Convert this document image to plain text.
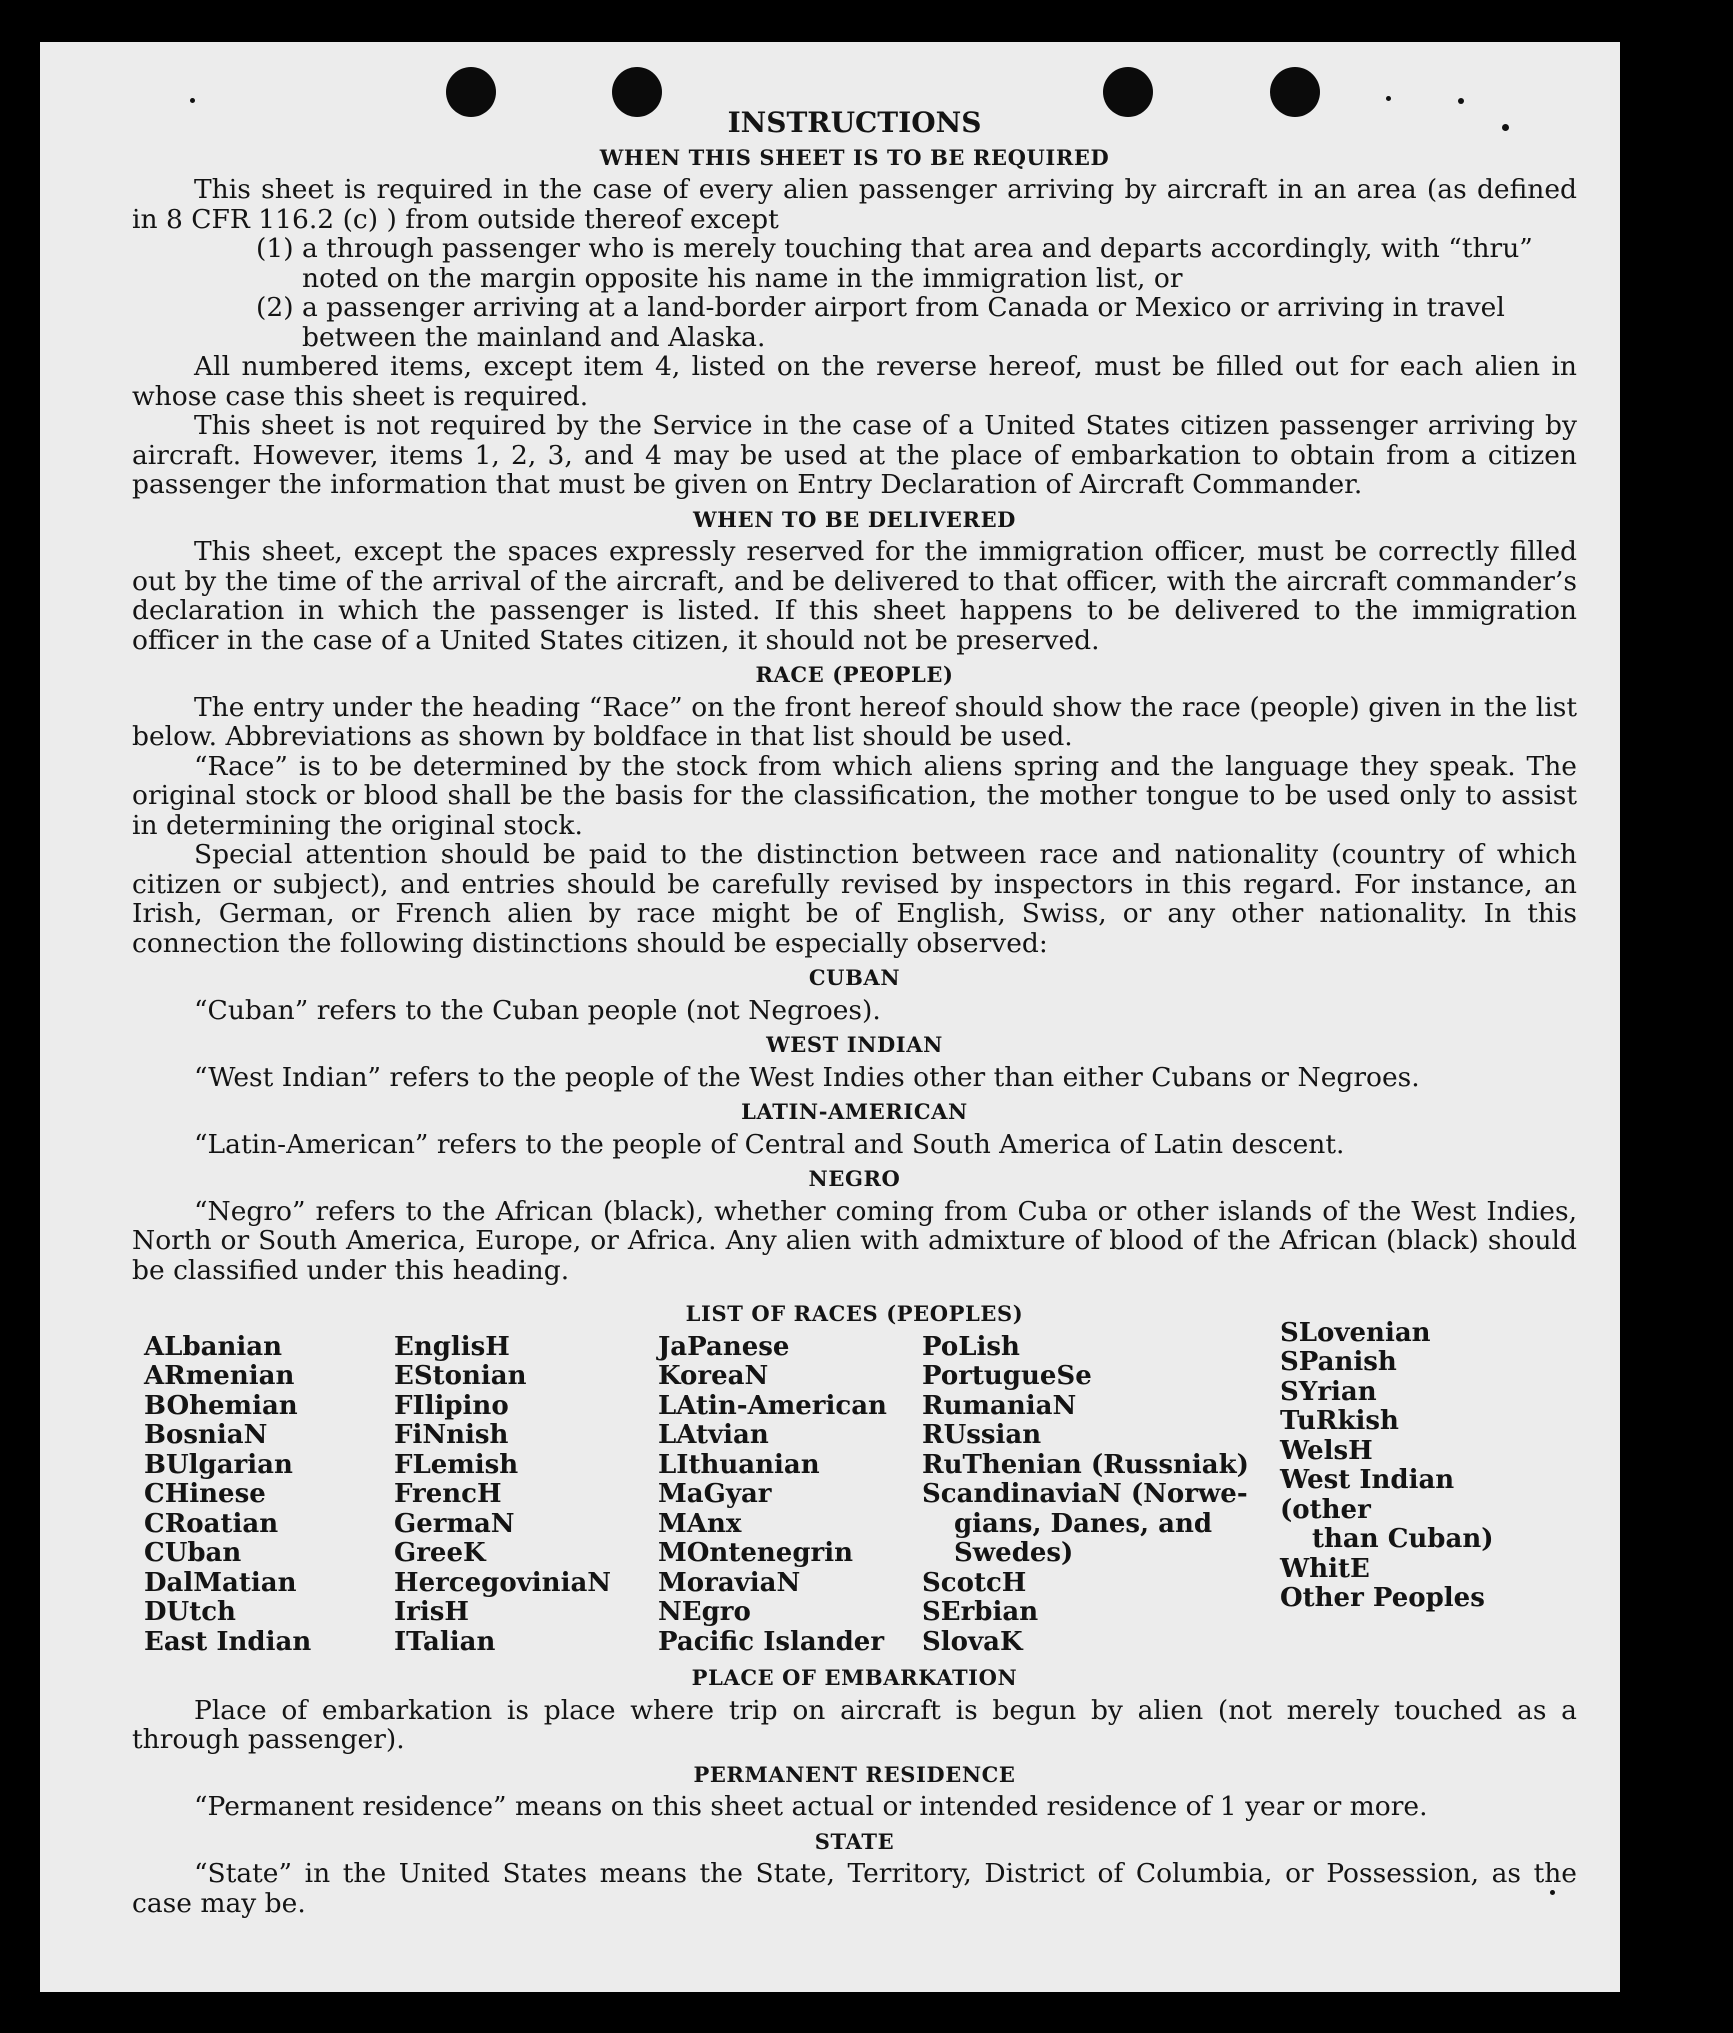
INSTRUCTIONS
WHEN THIS SHEET IS TO BE REQUIRED

This sheet is required in the case of every alien passenger arriving by aircraft in an area (as defined in 8 CFR 116.2 (c) ) from outside thereof except

(1) a through passenger who is merely touching that area and departs accordingly, with “thru” noted on the margin opposite his name in the immigration list, or

(2) a passenger arriving at a land-border airport from Canada or Mexico or arriving in travel between the mainland and Alaska.

All numbered items, except item 4, listed on the reverse hereof, must be filled out for each alien in whose case this sheet is required.

This sheet is not required by the Service in the case of a United States citizen passenger arriving by aircraft. However, items 1, 2, 3, and 4 may be used at the place of embarkation to obtain from a citizen passenger the information that must be given on Entry Declaration of Aircraft Commander.

WHEN TO BE DELIVERED

This sheet, except the spaces expressly reserved for the immigration officer, must be correctly filled out by the time of the arrival of the aircraft, and be delivered to that officer, with the aircraft commander’s declaration in which the passenger is listed. If this sheet happens to be delivered to the immigration officer in the case of a United States citizen, it should not be preserved.

RACE (PEOPLE)

The entry under the heading “Race” on the front hereof should show the race (people) given in the list below. Abbreviations as shown by boldface in that list should be used.

“Race” is to be determined by the stock from which aliens spring and the language they speak. The original stock or blood shall be the basis for the classification, the mother tongue to be used only to assist in determining the original stock.

Special attention should be paid to the distinction between race and nationality (country of which citizen or subject), and entries should be carefully revised by inspectors in this regard. For instance, an Irish, German, or French alien by race might be of English, Swiss, or any other nationality. In this connection the following distinctions should be especially observed:

CUBAN

“Cuban” refers to the Cuban people (not Negroes).

WEST INDIAN

“West Indian” refers to the people of the West Indies other than either Cubans or Negroes.

LATIN-AMERICAN

“Latin-American” refers to the people of Central and South America of Latin descent.

NEGRO

“Negro” refers to the African (black), whether coming from Cuba or other islands of the West Indies, North or South America, Europe, or Africa. Any alien with admixture of blood of the African (black) should be classified under this heading.

LIST OF RACES (PEOPLES)
ALbanian
ARmenian
BOhemian
BosniaN
BUlgarian
CHinese
CRoatian
CUban
DalMatian
DUtch
East Indian
EnglisH
EStonian
FIlipino
FiNnish
FLemish
FrencH
GermaN
GreeK
HercegoviniaN
IrisH
ITalian
JaPanese
KoreaN
LAtin-American
LAtvian
LIthuanian
MaGyar
MAnx
MOntenegrin
MoraviaN
NEgro
Pacific Islander
PoLish
PortugueSe
RumaniaN
RUssian
RuThenian (Russniak)
ScandinaviaN (Norwe-
gians, Danes, and
Swedes)
ScotcH
SErbian
SlovaK
SLovenian
SPanish
SYrian
TuRkish
WelsH
West Indian (other
than Cuban)
WhitE
Other Peoples
PLACE OF EMBARKATION

Place of embarkation is place where trip on aircraft is begun by alien (not merely touched as a through passenger).

PERMANENT RESIDENCE

“Permanent residence” means on this sheet actual or intended residence of 1 year or more.

STATE

“State” in the United States means the State, Territory, District of Columbia, or Possession, as the case may be.
